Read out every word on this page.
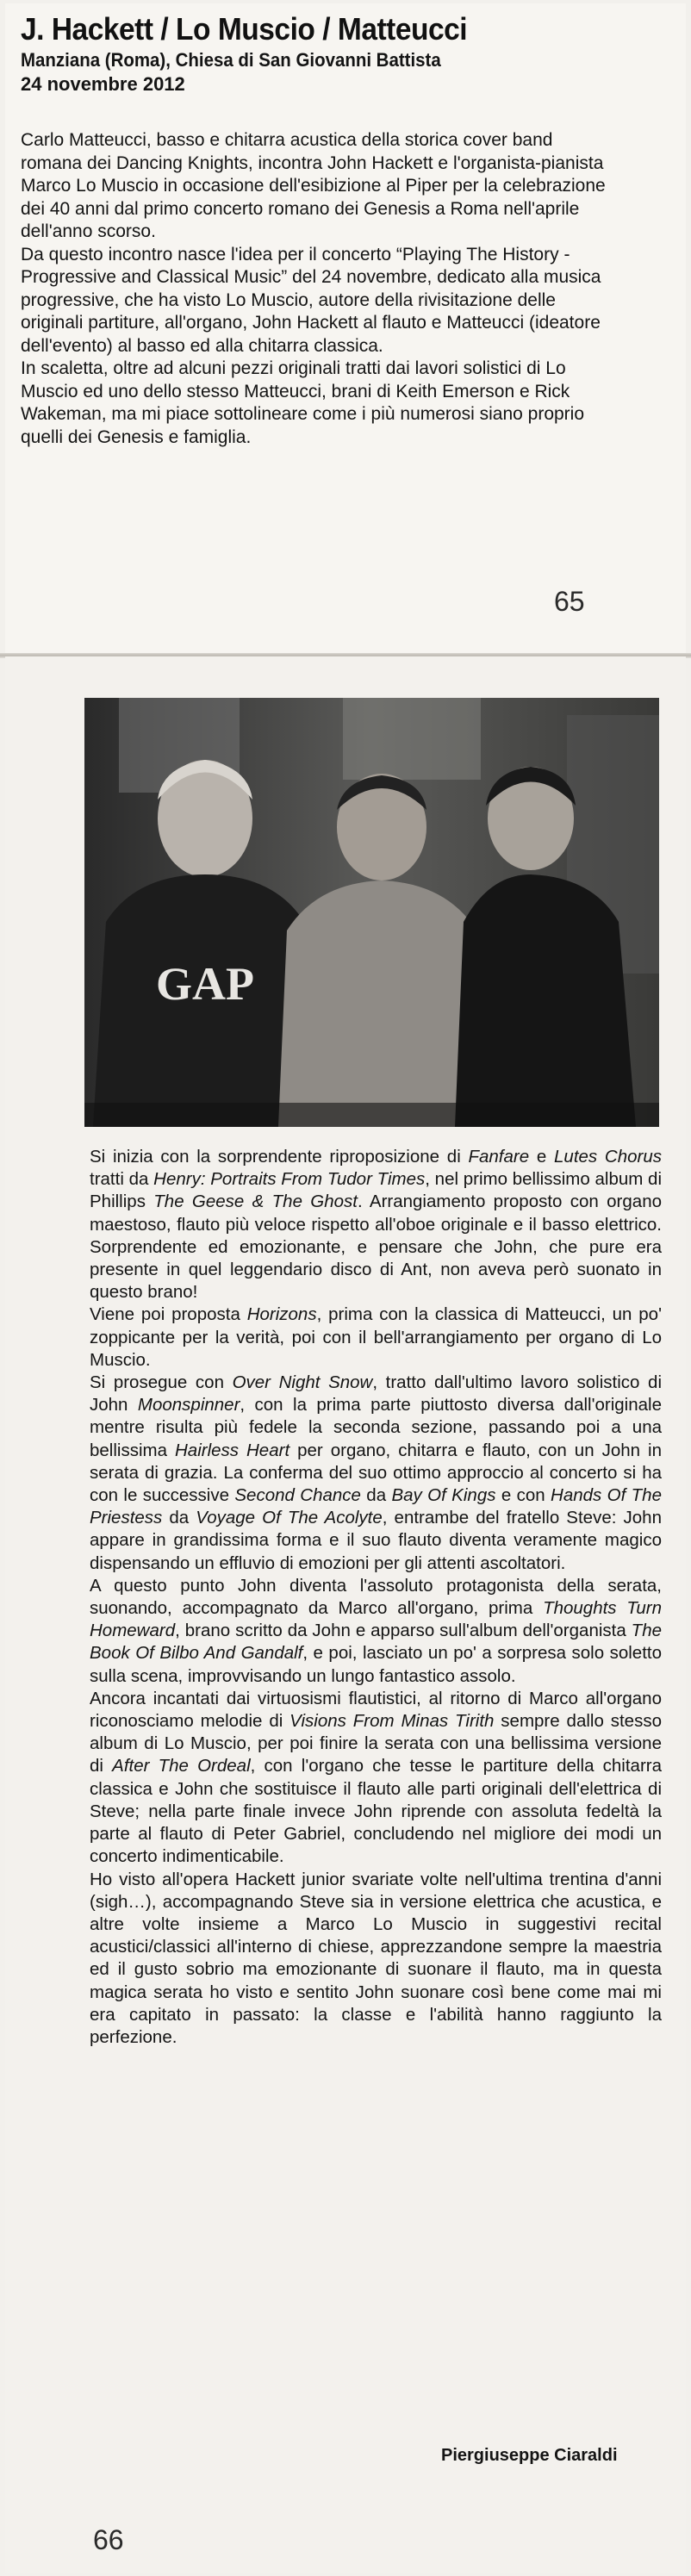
J. Hackett / Lo Muscio / Matteucci
Manziana (Roma), Chiesa di San Giovanni Battista
24 novembre 2012

Carlo Matteucci, basso e chitarra acustica della storica cover band romana dei Dancing Knights, incontra John Hackett e l'organista-pianista Marco Lo Muscio in occasione dell'esibizione al Piper per la celebrazione dei 40 anni dal primo concerto romano dei Genesis a Roma nell'aprile dell'anno scorso.

Da questo incontro nasce l'idea per il concerto “Playing The History - Progressive and Classical Music” del 24 novembre, dedicato alla musica progressive, che ha visto Lo Muscio, autore della rivisitazione delle originali partiture, all'organo, John Hackett al flauto e Matteucci (ideatore dell'evento) al basso ed alla chitarra classica.

In scaletta, oltre ad alcuni pezzi originali tratti dai lavori solistici di Lo Muscio ed uno dello stesso Matteucci, brani di Keith Emerson e Rick Wakeman, ma mi piace sottolineare come i più numerosi siano proprio quelli dei Genesis e famiglia.

65
GAP

Si inizia con la sorprendente riproposizione di Fanfare e Lutes Chorus tratti da Henry: Portraits From Tudor Times, nel primo bellissimo album di Phillips The Geese & The Ghost. Arrangiamento proposto con organo maestoso, flauto più veloce rispetto all'oboe originale e il basso elettrico. Sorprendente ed emozionante, e pensare che John, che pure era presente in quel leggendario disco di Ant, non aveva però suonato in questo brano!

Viene poi proposta Horizons, prima con la classica di Matteucci, un po' zoppicante per la verità, poi con il bell'arrangiamento per organo di Lo Muscio.

Si prosegue con Over Night Snow, tratto dall'ultimo lavoro solistico di John Moonspinner, con la prima parte piuttosto diversa dall'originale mentre risulta più fedele la seconda sezione, passando poi a una bellissima Hairless Heart per organo, chitarra e flauto, con un John in serata di grazia. La conferma del suo ottimo approccio al concerto si ha con le successive Second Chance da Bay Of Kings e con Hands Of The Priestess da Voyage Of The Acolyte, entrambe del fratello Steve: John appare in grandissima forma e il suo flauto diventa veramente magico dispensando un effluvio di emozioni per gli attenti ascoltatori.

A questo punto John diventa l'assoluto protagonista della serata, suonando, accompagnato da Marco all'organo, prima Thoughts Turn Homeward, brano scritto da John e apparso sull'album dell'organista The Book Of Bilbo And Gandalf, e poi, lasciato un po' a sorpresa solo soletto sulla scena, improvvisando un lungo fantastico assolo.

Ancora incantati dai virtuosismi flautistici, al ritorno di Marco all'organo riconosciamo melodie di Visions From Minas Tirith sempre dallo stesso album di Lo Muscio, per poi finire la serata con una bellissima versione di After The Ordeal, con l'organo che tesse le partiture della chitarra classica e John che sostituisce il flauto alle parti originali dell'elettrica di Steve; nella parte finale invece John riprende con assoluta fedeltà la parte al flauto di Peter Gabriel, concludendo nel migliore dei modi un concerto indimenticabile.

Ho visto all'opera Hackett junior svariate volte nell'ultima trentina d'anni (sigh…), accompagnando Steve sia in versione elettrica che acustica, e altre volte insieme a Marco Lo Muscio in suggestivi recital acustici/classici all'interno di chiese, apprezzandone sempre la maestria ed il gusto sobrio ma emozionante di suonare il flauto, ma in questa magica serata ho visto e sentito John suonare così bene come mai mi era capitato in passato: la classe e l'abilità hanno raggiunto la perfezione.

Piergiuseppe Ciaraldi
66
